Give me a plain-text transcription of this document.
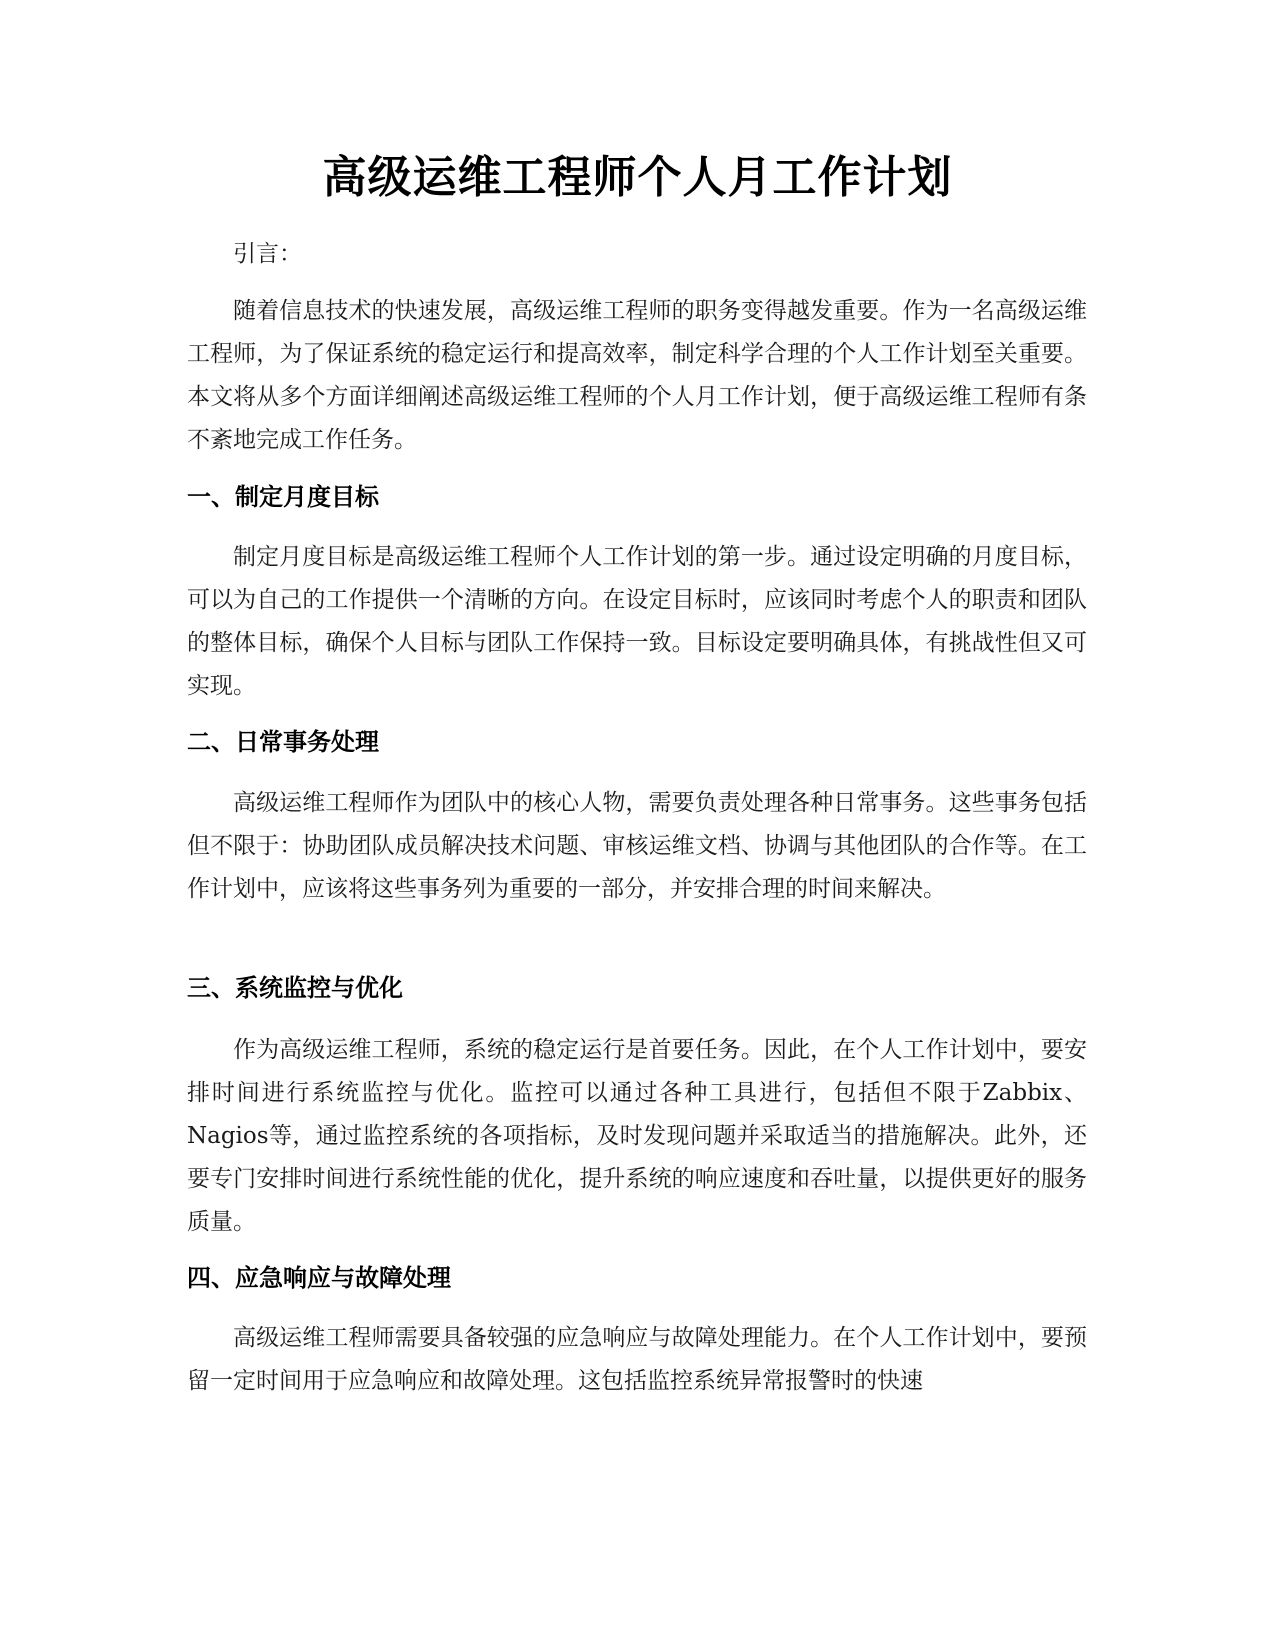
高级运维工程师个人月工作计划

引言：

随着信息技术的快速发展，高级运维工程师的职务变得越发重要。作为一名高级运维工程师，为了保证系统的稳定运行和提高效率，制定科学合理的个人工作计划至关重要。本文将从多个方面详细阐述高级运维工程师的个人月工作计划，便于高级运维工程师有条不紊地完成工作任务。

一、制定月度目标

制定月度目标是高级运维工程师个人工作计划的第一步。通过设定明确的月度目标，可以为自己的工作提供一个清晰的方向。在设定目标时，应该同时考虑个人的职责和团队的整体目标，确保个人目标与团队工作保持一致。目标设定要明确具体，有挑战性但又可实现。

二、日常事务处理

高级运维工程师作为团队中的核心人物，需要负责处理各种日常事务。这些事务包括但不限于：协助团队成员解决技术问题、审核运维文档、协调与其他团队的合作等。在工作计划中，应该将这些事务列为重要的一部分，并安排合理的时间来解决。

三、系统监控与优化

作为高级运维工程师，系统的稳定运行是首要任务。因此，在个人工作计划中，要安排时间进行系统监控与优化。监控可以通过各种工具进行，包括但不限于Zabbix、Nagios等，通过监控系统的各项指标，及时发现问题并采取适当的措施解决。此外，还要专门安排时间进行系统性能的优化，提升系统的响应速度和吞吐量，以提供更好的服务质量。

四、应急响应与故障处理

高级运维工程师需要具备较强的应急响应与故障处理能力。在个人工作计划中，要预留一定时间用于应急响应和故障处理。这包括监控系统异常报警时的快速
